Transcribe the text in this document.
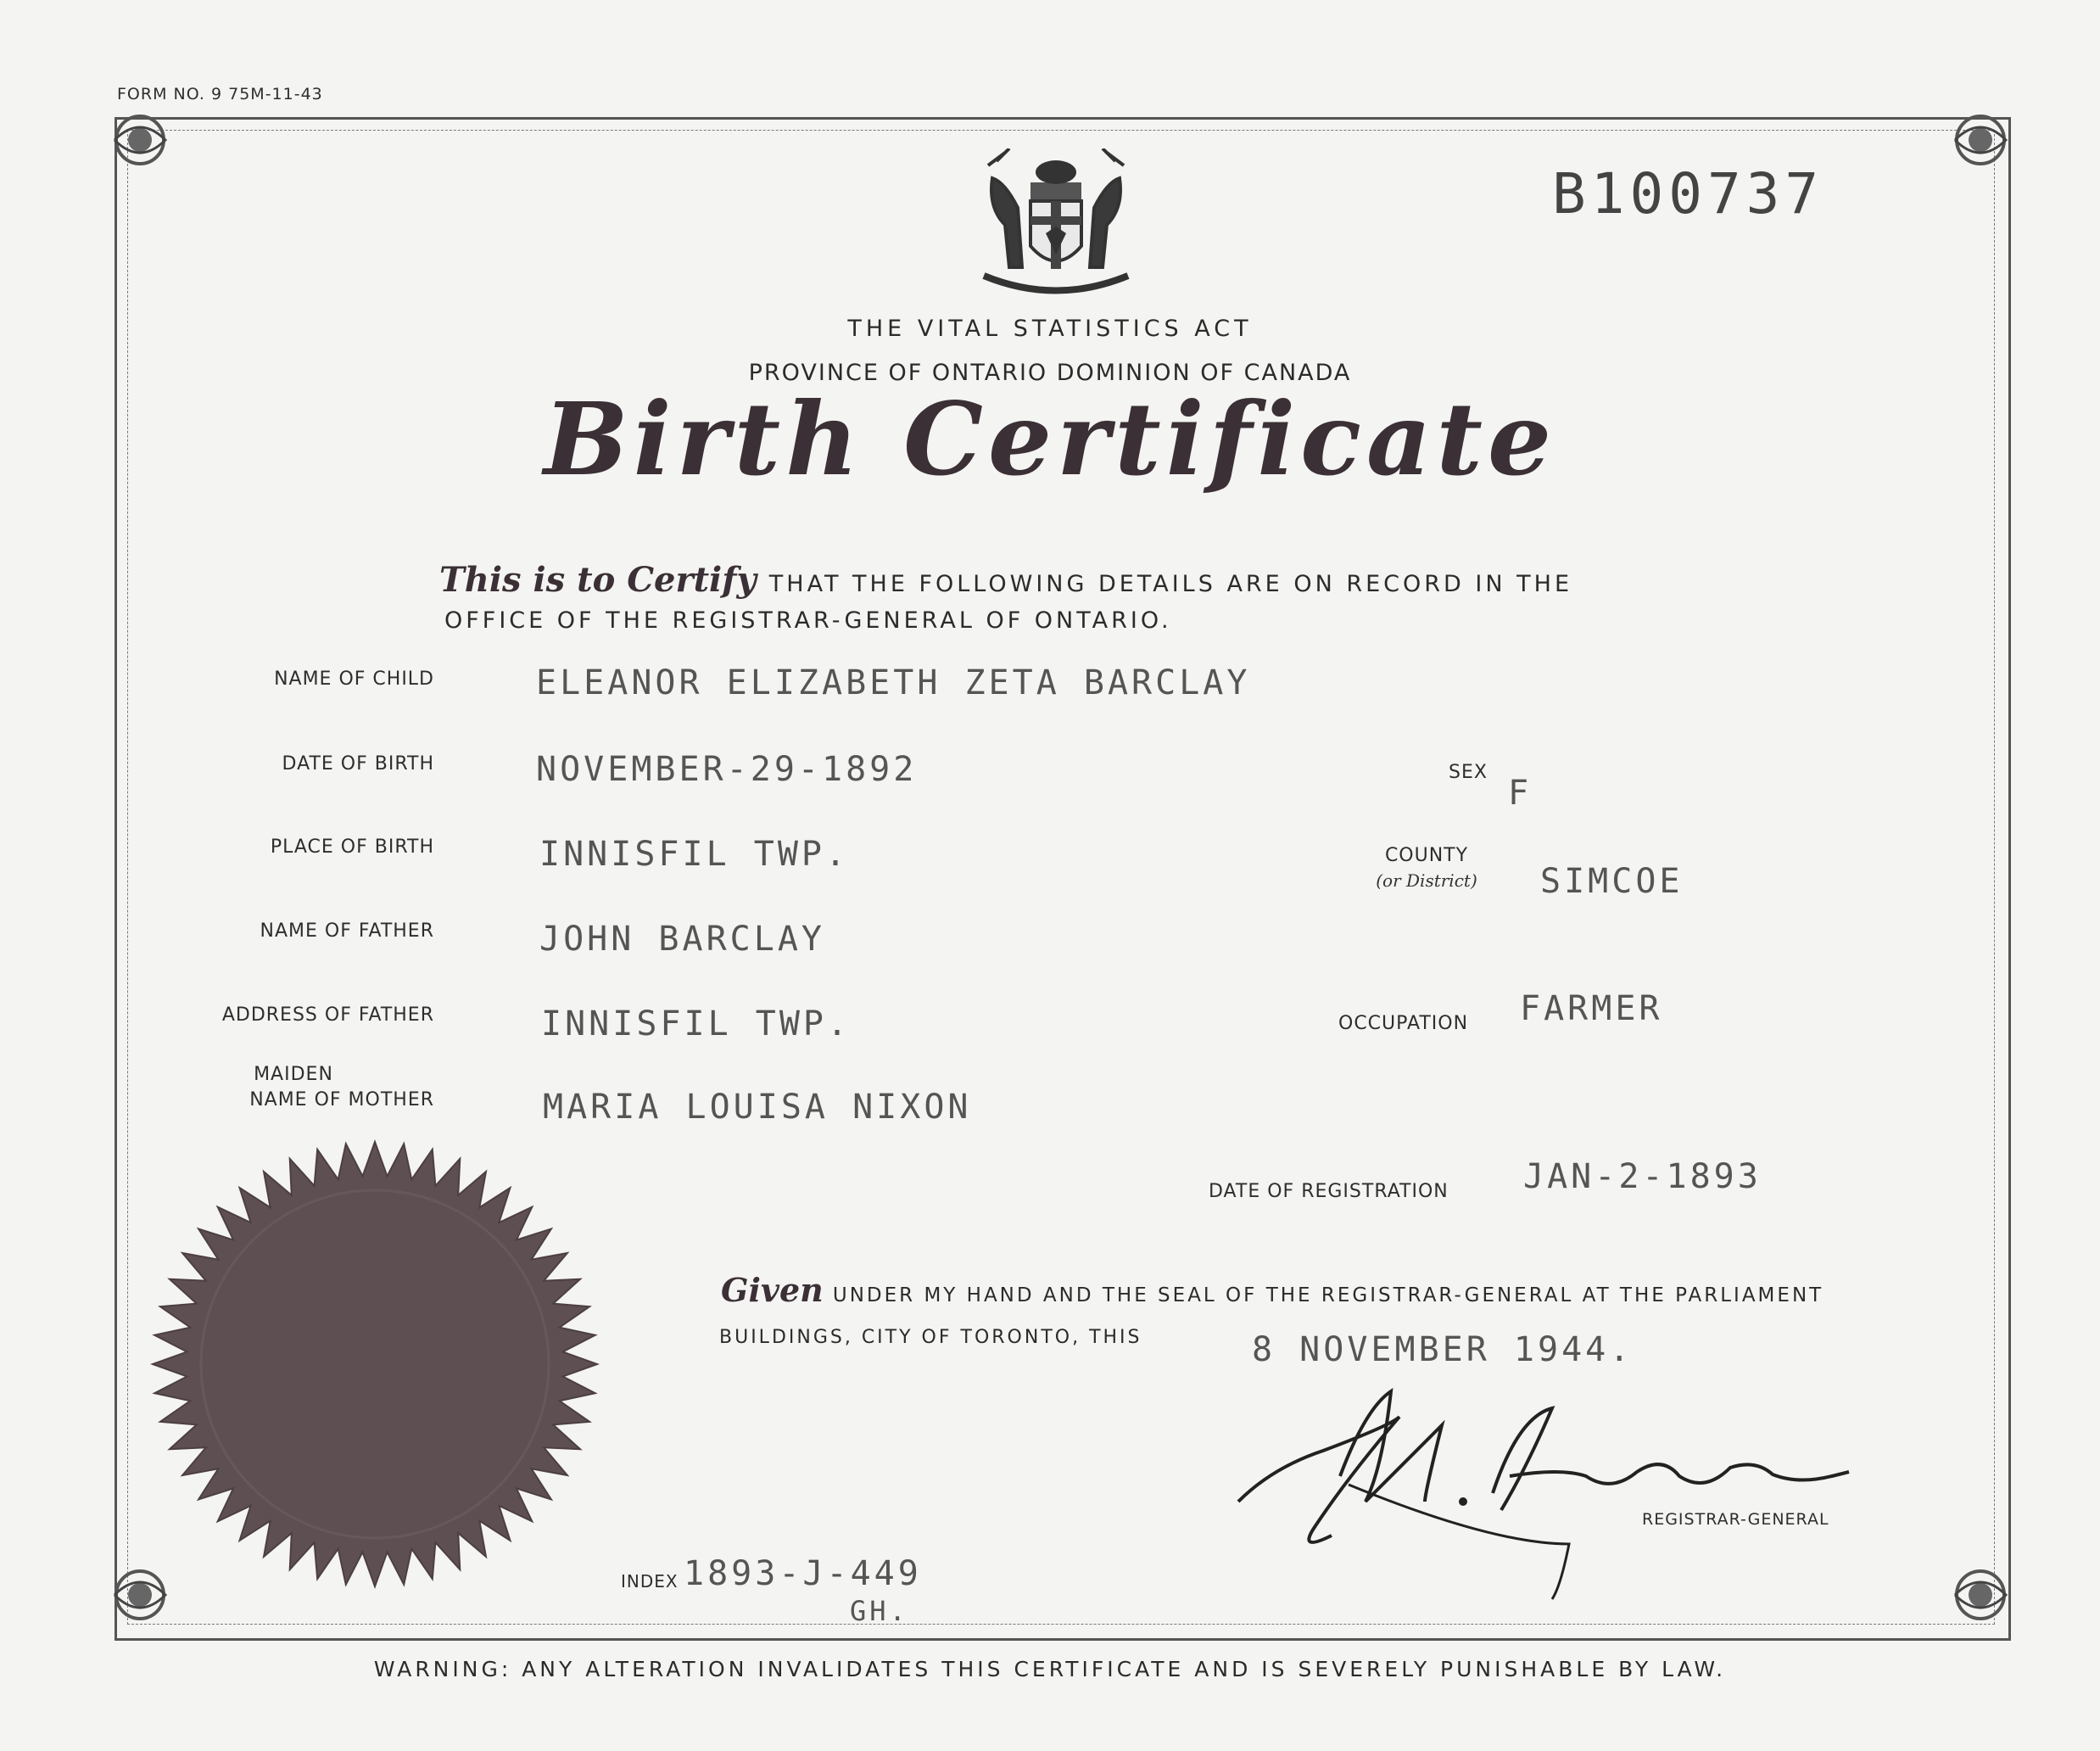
FORM NO. 9 75M-11-43
B100737
THE VITAL STATISTICS ACT
PROVINCE OF ONTARIO DOMINION OF CANADA
Birth Certificate
This is to Certify THAT THE FOLLOWING DETAILS ARE ON RECORD IN THE
OFFICE OF THE REGISTRAR-GENERAL OF ONTARIO.
NAME OF CHILD
DATE OF BIRTH
PLACE OF BIRTH
NAME OF FATHER
ADDRESS OF FATHER
MAIDEN
NAME OF MOTHER
ELEANOR ELIZABETH ZETA BARCLAY
NOVEMBER-29-1892
INNISFIL TWP.
JOHN BARCLAY
INNISFIL TWP.
MARIA LOUISA NIXON
SEX
F
COUNTY
(or District)	SIMCOE
OCCUPATION FARMER
DATE OF REGISTRATION JAN-2-1893
Given UNDER MY HAND AND THE SEAL OF THE REGISTRAR-GENERAL AT THE PARLIAMENT
BUILDINGS, CITY OF TORONTO, THIS	8 NOVEMBER 1944.
REGISTRAR-GENERAL
INDEX 1893-J-449
GH.
WARNING: ANY ALTERATION INVALIDATES THIS CERTIFICATE AND IS SEVERELY PUNISHABLE BY LAW.
